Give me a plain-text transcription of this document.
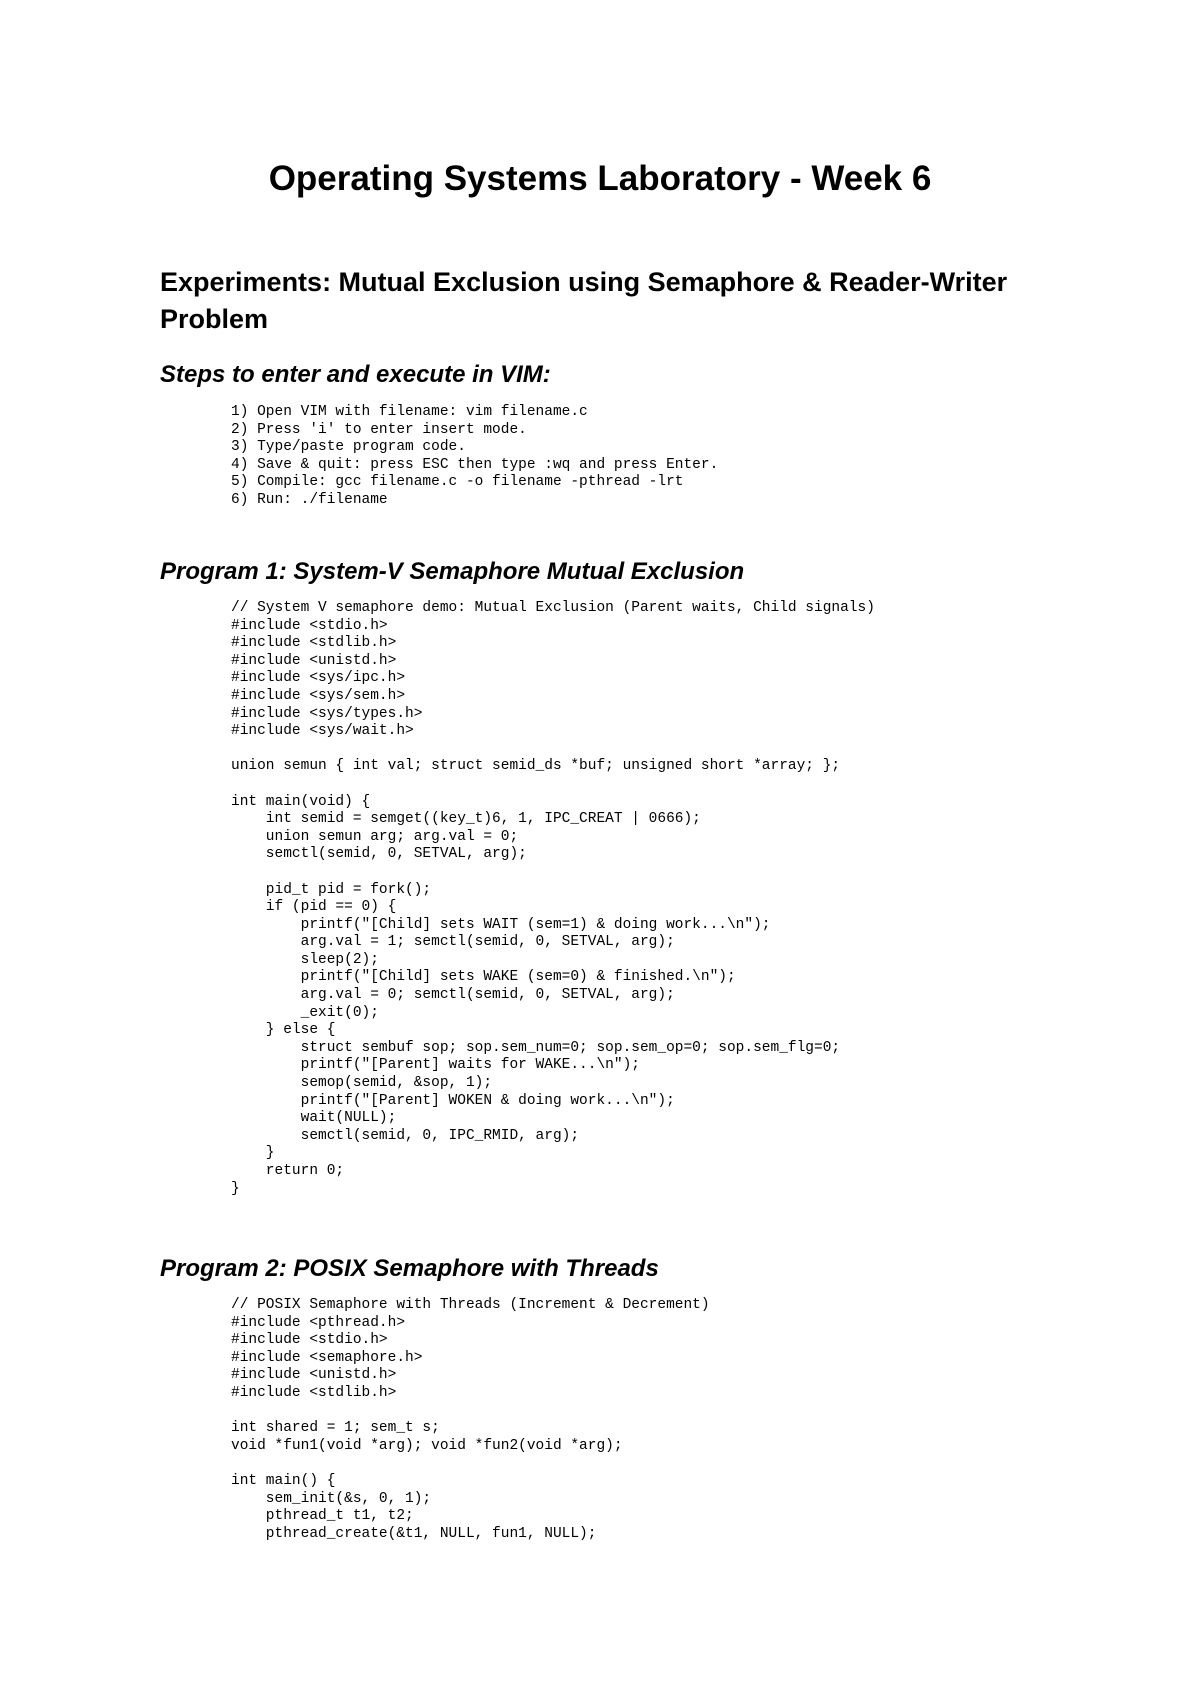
Operating Systems Laboratory - Week 6
Experiments: Mutual Exclusion using Semaphore & Reader-Writer Problem
Steps to enter and execute in VIM:
1) Open VIM with filename: vim filename.c
2) Press 'i' to enter insert mode.
3) Type/paste program code.
4) Save & quit: press ESC then type :wq and press Enter.
5) Compile: gcc filename.c -o filename -pthread -lrt
6) Run: ./filename
Program 1: System-V Semaphore Mutual Exclusion
// System V semaphore demo: Mutual Exclusion (Parent waits, Child signals)
#include <stdio.h>
#include <stdlib.h>
#include <unistd.h>
#include <sys/ipc.h>
#include <sys/sem.h>
#include <sys/types.h>
#include <sys/wait.h>
union semun { int val; struct semid_ds *buf; unsigned short *array; };
int main(void) {
int semid = semget((key_t)6, 1, IPC_CREAT | 0666);
union semun arg; arg.val = 0;
semctl(semid, 0, SETVAL, arg);
pid_t pid = fork();
if (pid == 0) {
printf("[Child] sets WAIT (sem=1) & doing work...\n");
arg.val = 1; semctl(semid, 0, SETVAL, arg);
sleep(2);
printf("[Child] sets WAKE (sem=0) & finished.\n");
arg.val = 0; semctl(semid, 0, SETVAL, arg);
_exit(0);
} else {
struct sembuf sop; sop.sem_num=0; sop.sem_op=0; sop.sem_flg=0;
printf("[Parent] waits for WAKE...\n");
semop(semid, &sop, 1);
printf("[Parent] WOKEN & doing work...\n");
wait(NULL);
semctl(semid, 0, IPC_RMID, arg);
}
return 0;
}
Program 2: POSIX Semaphore with Threads
// POSIX Semaphore with Threads (Increment & Decrement)
#include <pthread.h>
#include <stdio.h>
#include <semaphore.h>
#include <unistd.h>
#include <stdlib.h>
int shared = 1; sem_t s;
void *fun1(void *arg); void *fun2(void *arg);
int main() {
sem_init(&s, 0, 1);
pthread_t t1, t2;
pthread_create(&t1, NULL, fun1, NULL);
